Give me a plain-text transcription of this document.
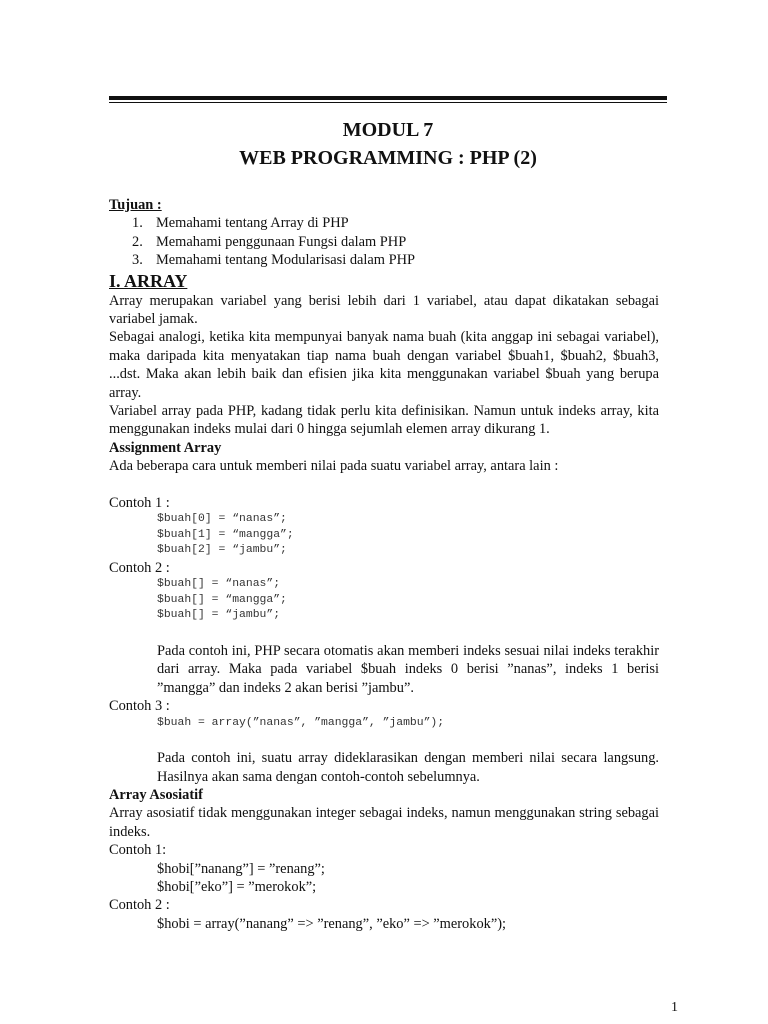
MODUL 7
WEB PROGRAMMING : PHP (2)

Tujuan :

1. Memahami tentang Array di PHP
2. Memahami penggunaan Fungsi dalam PHP
3. Memahami tentang Modularisasi dalam PHP

I. ARRAY

Array merupakan variabel yang berisi lebih dari 1 variabel, atau dapat dikatakan sebagai variabel jamak.

Sebagai analogi, ketika kita mempunyai banyak nama buah (kita anggap ini sebagai variabel), maka daripada kita menyatakan tiap nama buah dengan variabel $buah1, $buah2, $buah3, ...dst. Maka akan lebih baik dan efisien jika kita menggunakan variabel $buah yang berupa array.

Variabel array pada PHP, kadang tidak perlu kita definisikan. Namun untuk indeks array, kita menggunakan indeks mulai dari 0 hingga sejumlah elemen array dikurang 1.

Assignment Array

Ada beberapa cara untuk memberi nilai pada suatu variabel array, antara lain :

Contoh 1 :

$buah[0] = “nanas”;
$buah[1] = “mangga”;
$buah[2] = “jambu”;

Contoh 2 :

$buah[] = “nanas”;
$buah[] = “mangga”;
$buah[] = “jambu”;

Pada contoh ini, PHP secara otomatis akan memberi indeks sesuai nilai indeks terakhir dari array. Maka pada variabel $buah indeks 0 berisi ”nanas”, indeks 1 berisi ”mangga” dan indeks 2 akan berisi ”jambu”.

Contoh 3 :

$buah = array(”nanas”, ”mangga”, ”jambu”);

Pada contoh ini, suatu array dideklarasikan dengan memberi nilai secara langsung. Hasilnya akan sama dengan contoh-contoh sebelumnya.

Array Asosiatif

Array asosiatif tidak menggunakan integer sebagai indeks, namun menggunakan string sebagai indeks.

Contoh 1:

$hobi[”nanang”] = ”renang”;

$hobi[”eko”] = ”merokok”;

Contoh 2 :

$hobi = array(”nanang” => ”renang”, ”eko” => ”merokok”);

1
